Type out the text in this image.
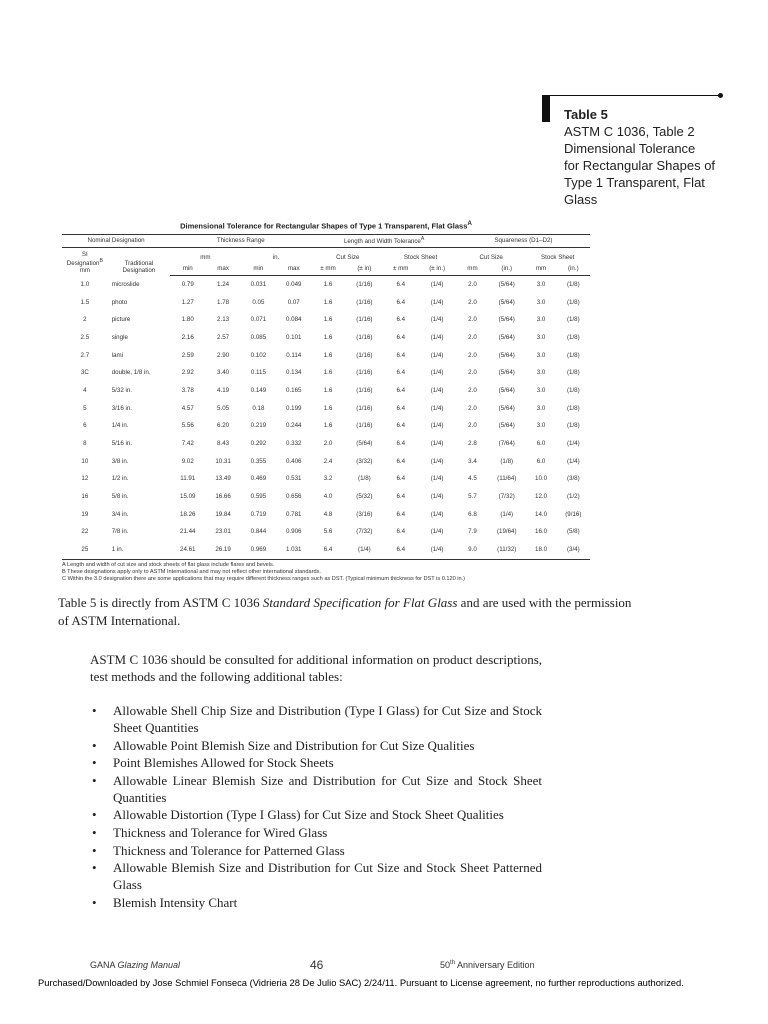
Table 5
ASTM C 1036, Table 2
Dimensional Tolerance
for Rectangular Shapes of
Type 1 Transparent, Flat
Glass
Dimensional Tolerance for Rectangular Shapes of Type 1 Transparent, Flat Glass$^A$
Nominal Designation		Thickness Range				Length and Width Tolerance$^A$				Squareness (D1–D2)			
SI
Designation$^B$
mm	Traditional
Designation	mm		in.		Cut Size		Stock Sheet		Cut Size		Stock Sheet	
		min	max	min	max	± mm	(± in)	± mm	(± in.)	mm	(in.)	mm	(in.)
1.0	microslide	0.79	1.24	0.031	0.049	1.6	(1/16)	6.4	(1/4)	2.0	(5/64)	3.0	(1/8)
1.5	photo	1.27	1.78	0.05	0.07	1.6	(1/16)	6.4	(1/4)	2.0	(5/64)	3.0	(1/8)
2	picture	1.80	2.13	0.071	0.084	1.6	(1/16)	6.4	(1/4)	2.0	(5/64)	3.0	(1/8)
2.5	single	2.16	2.57	0.085	0.101	1.6	(1/16)	6.4	(1/4)	2.0	(5/64)	3.0	(1/8)
2.7	lami	2.59	2.90	0.102	0.114	1.6	(1/16)	6.4	(1/4)	2.0	(5/64)	3.0	(1/8)
3C	double, 1/8 in.	2.92	3.40	0.115	0.134	1.6	(1/16)	6.4	(1/4)	2.0	(5/64)	3.0	(1/8)
4	5/32 in.	3.78	4.19	0.149	0.165	1.6	(1/16)	6.4	(1/4)	2.0	(5/64)	3.0	(1/8)
5	3/16 in.	4.57	5.05	0.18	0.199	1.6	(1/16)	6.4	(1/4)	2.0	(5/64)	3.0	(1/8)
6	1/4 in.	5.56	6.20	0.219	0.244	1.6	(1/16)	6.4	(1/4)	2.0	(5/64)	3.0	(1/8)
8	5/16 in.	7.42	8.43	0.292	0.332	2.0	(5/64)	6.4	(1/4)	2.8	(7/64)	6.0	(1/4)
10	3/8 in.	9.02	10.31	0.355	0.406	2.4	(3/32)	6.4	(1/4)	3.4	(1/8)	6.0	(1/4)
12	1/2 in.	11.91	13.49	0.469	0.531	3.2	(1/8)	6.4	(1/4)	4.5	(11/64)	10.0	(3/8)
16	5/8 in.	15.09	16.66	0.595	0.656	4.0	(5/32)	6.4	(1/4)	5.7	(7/32)	12.0	(1/2)
19	3/4 in.	18.26	19.84	0.719	0.781	4.8	(3/16)	6.4	(1/4)	6.8	(1/4)	14.0	(9/16)
22	7/8 in.	21.44	23.01	0.844	0.906	5.6	(7/32)	6.4	(1/4)	7.9	(19/64)	16.0	(5/8)
25	1 in.	24.61	26.19	0.969	1.031	6.4	(1/4)	6.4	(1/4)	9.0	(11/32)	18.0	(3/4)
A Length and width of cut size and stock sheets of flat glass include flares and bevels.
B These designations apply only to ASTM International and may not reflect other international standards.
C Within the 3.0 designation there are some applications that may require different thickness ranges such as DST. (Typical minimum thickness for DST is 0.120 in.)
Table 5 is directly from ASTM C 1036 Standard Specification for Flat Glass and are used with the permission of ASTM International.
ASTM C 1036 should be consulted for additional information on product descriptions, test methods and the following additional tables:
• Allowable Shell Chip Size and Distribution (Type I Glass) for Cut Size and Stock Sheet Quantities
• Allowable Point Blemish Size and Distribution for Cut Size Qualities
• Point Blemishes Allowed for Stock Sheets
• Allowable Linear Blemish Size and Distribution for Cut Size and Stock Sheet Quantities
• Allowable Distortion (Type I Glass) for Cut Size and Stock Sheet Qualities
• Thickness and Tolerance for Wired Glass
• Thickness and Tolerance for Patterned Glass
• Allowable Blemish Size and Distribution for Cut Size and Stock Sheet Patterned Glass
• Blemish Intensity Chart
GANA Glazing Manual	46	50th Anniversary Edition
Purchased/Downloaded by Jose Schmiel Fonseca (Vidrieria 28 De Julio SAC) 2/24/11. Pursuant to License agreement, no further reproductions authorized.
